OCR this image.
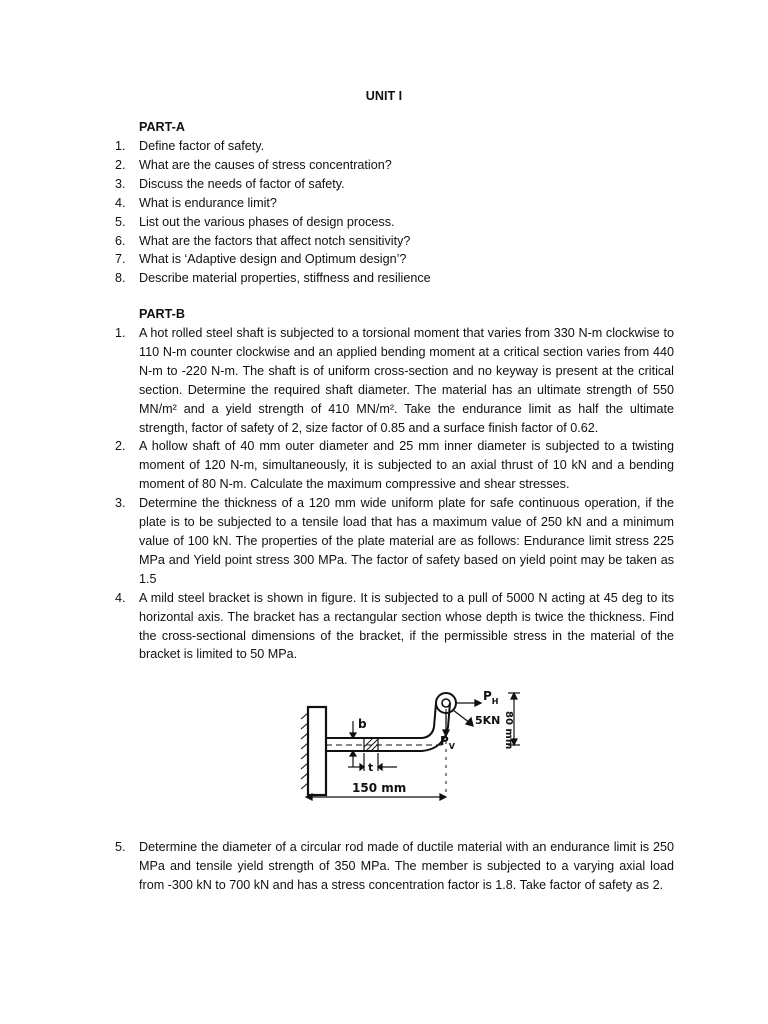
UNIT I
PART-A
1. Define factor of safety.
2. What are the causes of stress concentration?
3. Discuss the needs of factor of safety.
4. What is endurance limit?
5. List out the various phases of design process.
6. What are the factors that affect notch sensitivity?
7. What is ‘Adaptive design and Optimum design’?
8. Describe material properties, stiffness and resilience
PART-B
1. A hot rolled steel shaft is subjected to a torsional moment that varies from 330 N-m clockwise to 110 N-m counter clockwise and an applied bending moment at a critical section varies from 440 N-m to -220 N-m. The shaft is of uniform cross-section and no keyway is present at the critical section. Determine the required shaft diameter. The material has an ultimate strength of 550 MN/m² and a yield strength of 410 MN/m². Take the endurance limit as half the ultimate strength, factor of safety of 2, size factor of 0.85 and a surface finish factor of 0.62.
2. A hollow shaft of 40 mm outer diameter and 25 mm inner diameter is subjected to a twisting moment of 120 N-m, simultaneously, it is subjected to an axial thrust of 10 kN and a bending moment of 80 N-m. Calculate the maximum compressive and shear stresses.
3. Determine the thickness of a 120 mm wide uniform plate for safe continuous operation, if the plate is to be subjected to a tensile load that has a maximum value of 250 kN and a minimum value of 100 kN. The properties of the plate material are as follows: Endurance limit stress 225 MPa and Yield point stress 300 MPa. The factor of safety based on yield point may be taken as 1.5
4. A mild steel bracket is shown in figure. It is subjected to a pull of 5000 N acting at 45 deg to its horizontal axis. The bracket has a rectangular section whose depth is twice the thickness. Find the cross-sectional dimensions of the bracket, if the permissible stress in the material of the bracket is limited to 50 MPa.
b
t
$P_H$
$P_V$
5KN 80 mm
150 mm
5. Determine the diameter of a circular rod made of ductile material with an endurance limit is 250 MPa and tensile yield strength of 350 MPa. The member is subjected to a varying axial load from -300 kN to 700 kN and has a stress concentration factor is 1.8. Take factor of safety as 2.
